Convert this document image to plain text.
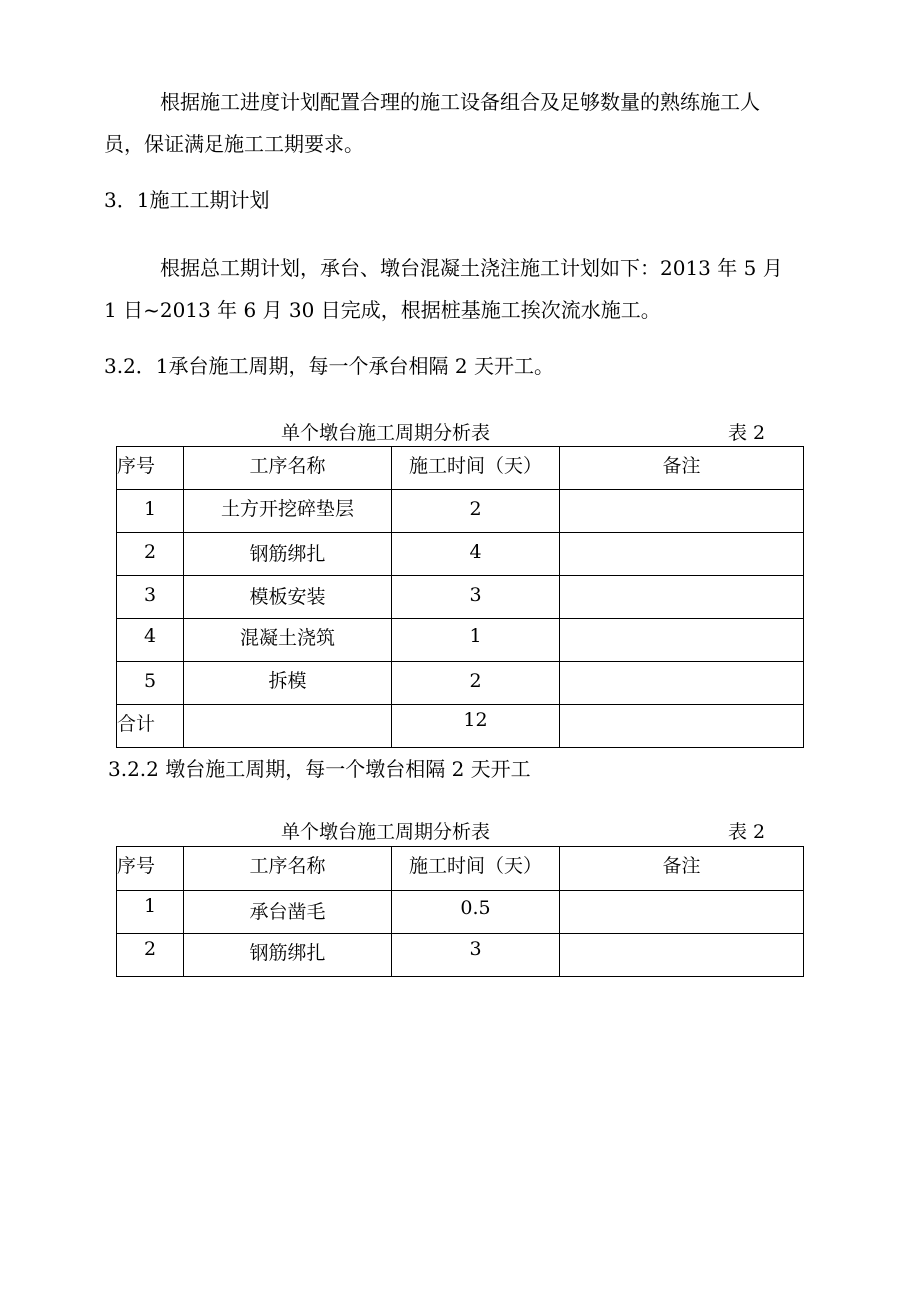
根据施工进度计划配置合理的施工设备组合及足够数量的熟练施工人
员，保证满足施工工期要求。
3．1施工工期计划
根据总工期计划，承台、墩台混凝土浇注施工计划如下：2013 年 5 月
1 日~2013 年 6 月 30 日完成，根据桩基施工挨次流水施工。
3.2．1承台施工周期，每一个承台相隔 2 天开工。
单个墩台施工周期分析表	表 2
序号	工序名称	施工时间（天）	备注

1	土方开挖碎垫层	2	

2	钢筋绑扎	4	

3	模板安装	3	

4	混凝土浇筑	1	

5	拆模	2	

合计		12	

3.2.2 墩台施工周期，每一个墩台相隔 2 天开工
单个墩台施工周期分析表	表 2
序号	工序名称	施工时间（天）	备注

1	承台凿毛	0.5	

2	钢筋绑扎	3	
